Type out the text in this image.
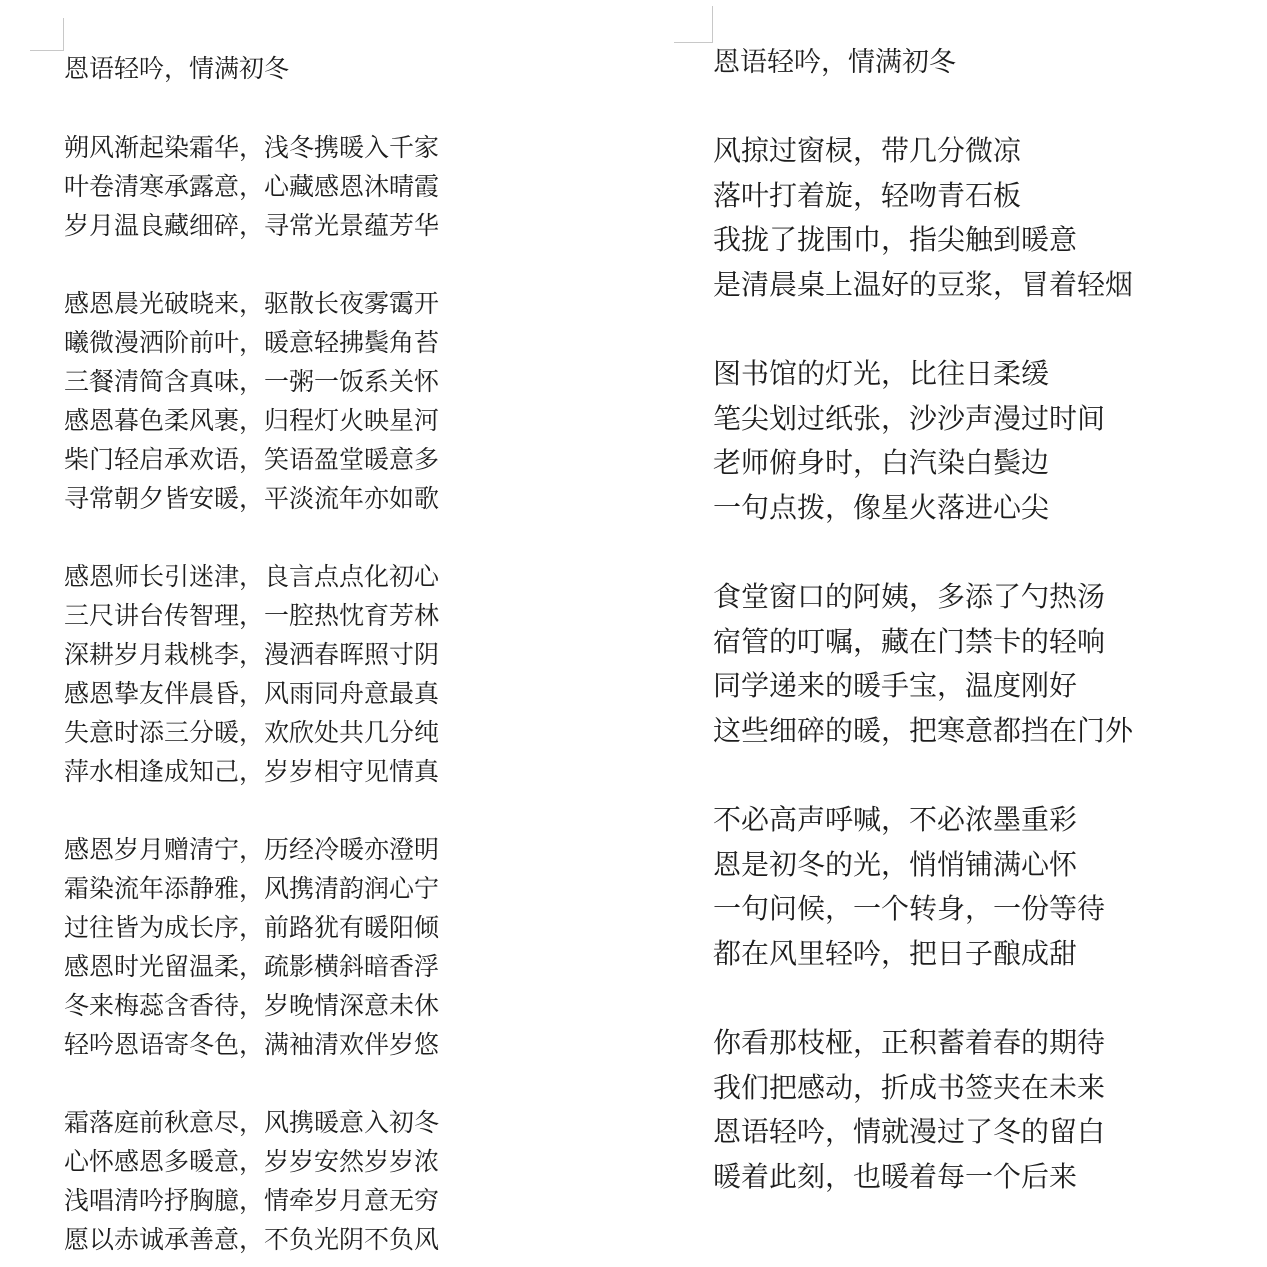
恩语轻吟，情满初冬
朔风渐起染霜华，浅冬携暖入千家
叶卷清寒承露意，心藏感恩沐晴霞
岁月温良藏细碎，寻常光景蕴芳华
感恩晨光破晓来，驱散长夜雾霭开
曦微漫洒阶前叶，暖意轻拂鬓角苔
三餐清简含真味，一粥一饭系关怀
感恩暮色柔风裹，归程灯火映星河
柴门轻启承欢语，笑语盈堂暖意多
寻常朝夕皆安暖，平淡流年亦如歌
感恩师长引迷津，良言点点化初心
三尺讲台传智理，一腔热忱育芳林
深耕岁月栽桃李，漫洒春晖照寸阴
感恩挚友伴晨昏，风雨同舟意最真
失意时添三分暖，欢欣处共几分纯
萍水相逢成知己，岁岁相守见情真
感恩岁月赠清宁，历经冷暖亦澄明
霜染流年添静雅，风携清韵润心宁
过往皆为成长序，前路犹有暖阳倾
感恩时光留温柔，疏影横斜暗香浮
冬来梅蕊含香待，岁晚情深意未休
轻吟恩语寄冬色，满袖清欢伴岁悠
霜落庭前秋意尽，风携暖意入初冬
心怀感恩多暖意，岁岁安然岁岁浓
浅唱清吟抒胸臆，情牵岁月意无穷
愿以赤诚承善意，不负光阴不负风
恩语轻吟，情满初冬
风掠过窗棂，带几分微凉
落叶打着旋，轻吻青石板
我拢了拢围巾，指尖触到暖意
是清晨桌上温好的豆浆，冒着轻烟
图书馆的灯光，比往日柔缓
笔尖划过纸张，沙沙声漫过时间
老师俯身时，白汽染白鬓边
一句点拨，像星火落进心尖
食堂窗口的阿姨，多添了勺热汤
宿管的叮嘱，藏在门禁卡的轻响
同学递来的暖手宝，温度刚好
这些细碎的暖，把寒意都挡在门外
不必高声呼喊，不必浓墨重彩
恩是初冬的光，悄悄铺满心怀
一句问候，一个转身，一份等待
都在风里轻吟，把日子酿成甜
你看那枝桠，正积蓄着春的期待
我们把感动，折成书签夹在未来
恩语轻吟，情就漫过了冬的留白
暖着此刻，也暖着每一个后来
